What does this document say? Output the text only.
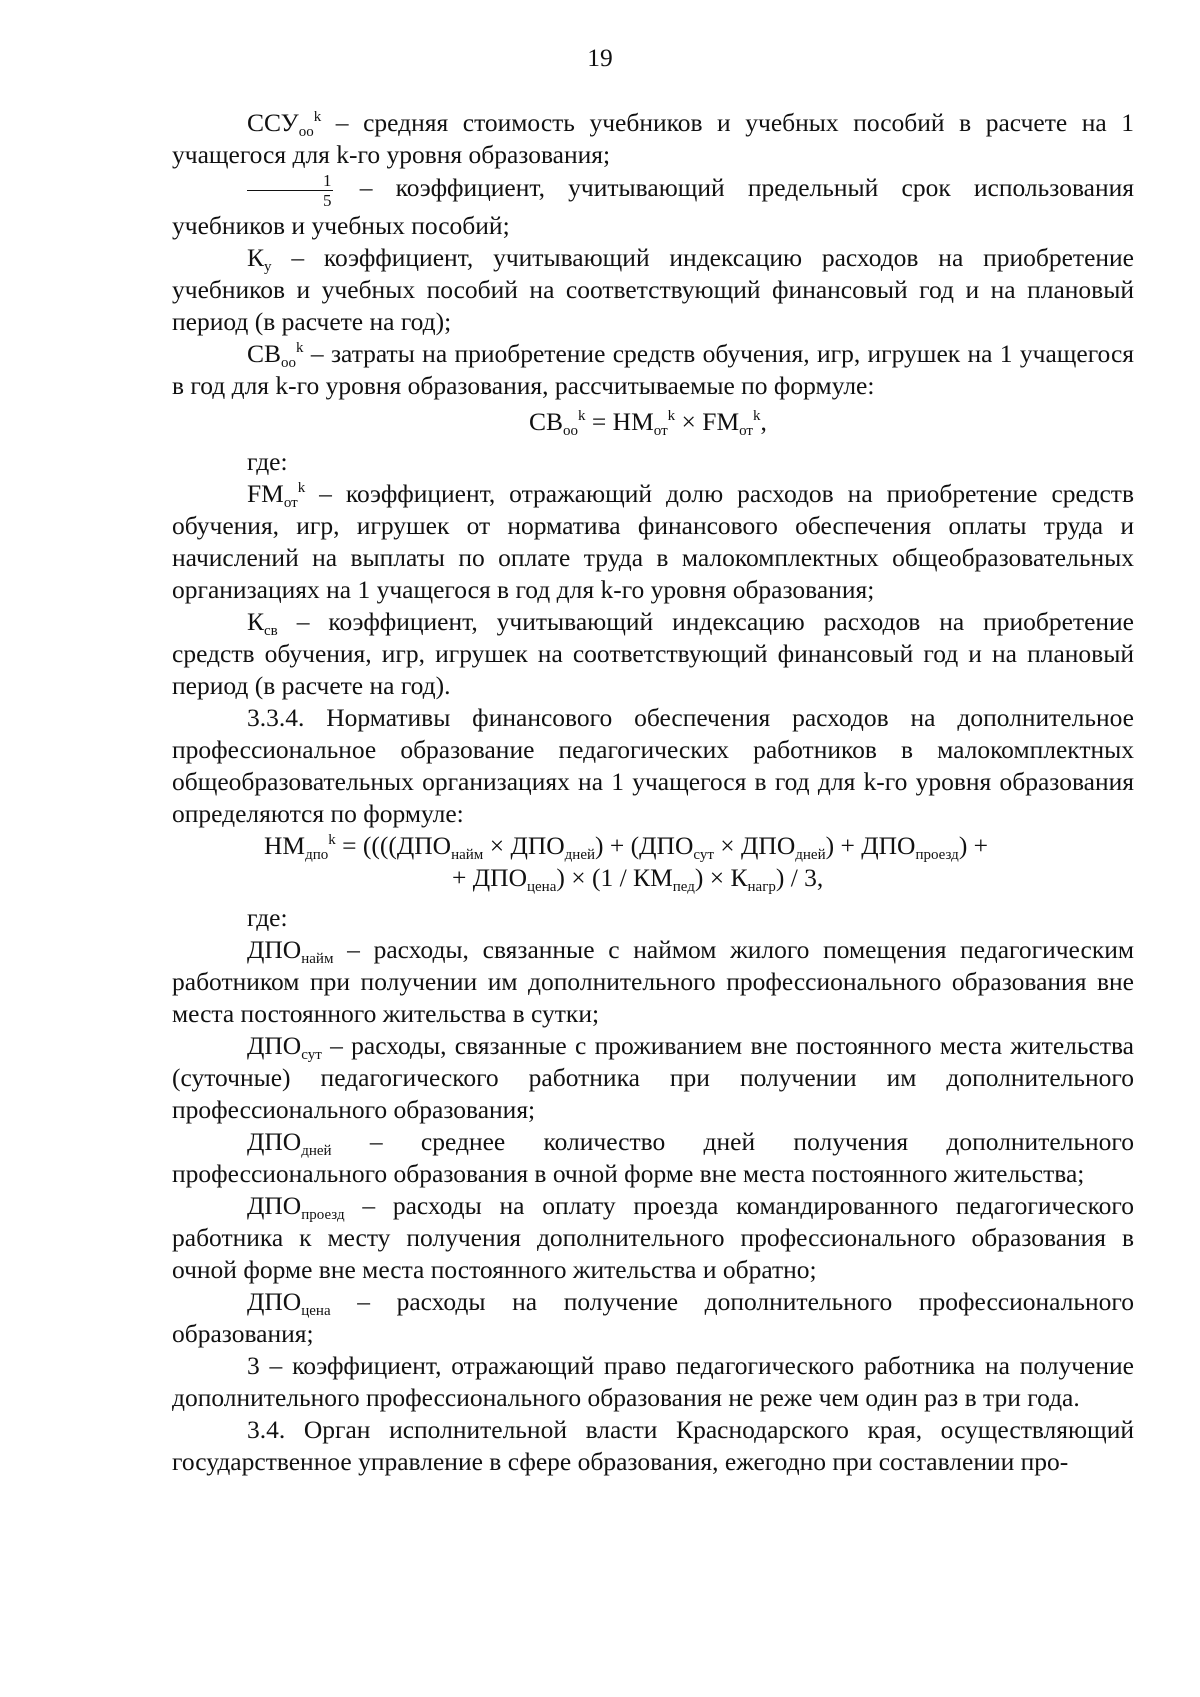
19

$ССУ_{оо}^k$ – средняя стоимость учебников и учебных пособий в расчете на 1 учащегося для k-го уровня образования;

$\frac{1}{5}$ – коэффициент, учитывающий предельный срок использования учебников и учебных пособий;

$К_у$ – коэффициент, учитывающий индексацию расходов на приобретение учебников и учебных пособий на соответствующий финансовый год и на плановый период (в расчете на год);

$СВ_{оо}^k$ – затраты на приобретение средств обучения, игр, игрушек на 1 учащегося в год для k-го уровня образования, рассчитываемые по формуле:

$СВ_{оо}^k = НМ_{от}^k \times FM_{от}^k$,

где:

$FM_{от}^k$ – коэффициент, отражающий долю расходов на приобретение средств обучения, игр, игрушек от норматива финансового обеспечения оплаты труда и начислений на выплаты по оплате труда в малокомплектных общеобразовательных организациях на 1 учащегося в год для k-го уровня образования;

$К_{св}$ – коэффициент, учитывающий индексацию расходов на приобретение средств обучения, игр, игрушек на соответствующий финансовый год и на плановый период (в расчете на год).

3.3.4. Нормативы финансового обеспечения расходов на дополнительное профессиональное образование педагогических работников в малокомплектных общеобразовательных организациях на 1 учащегося в год для k-го уровня образования определяются по формуле:

$НМ_{дпо}^k = ((((ДПО_{найм} \times ДПО_{дней}) + (ДПО_{сут} \times ДПО_{дней}) + ДПО_{проезд})$ +

+ $ДПО_{цена}) \times (1 / КМ_{пед}) \times К_{нагр}) / 3$,

где:

$ДПО_{найм}$ – расходы, связанные с наймом жилого помещения педагогическим работником при получении им дополнительного профессионального образования вне места постоянного жительства в сутки;

$ДПО_{сут}$ – расходы, связанные с проживанием вне постоянного места жительства (суточные) педагогического работника при получении им дополнительного профессионального образования;

$ДПО_{дней}$ – среднее количество дней получения дополнительного профессионального образования в очной форме вне места постоянного жительства;

$ДПО_{проезд}$ – расходы на оплату проезда командированного педагогического работника к месту получения дополнительного профессионального образования в очной форме вне места постоянного жительства и обратно;

$ДПО_{цена}$ – расходы на получение дополнительного профессионального образования;

3 – коэффициент, отражающий право педагогического работника на получение дополнительного профессионального образования не реже чем один раз в три года.

3.4. Орган исполнительной власти Краснодарского края, осуществляющий государственное управление в сфере образования, ежегодно при составлении про-
